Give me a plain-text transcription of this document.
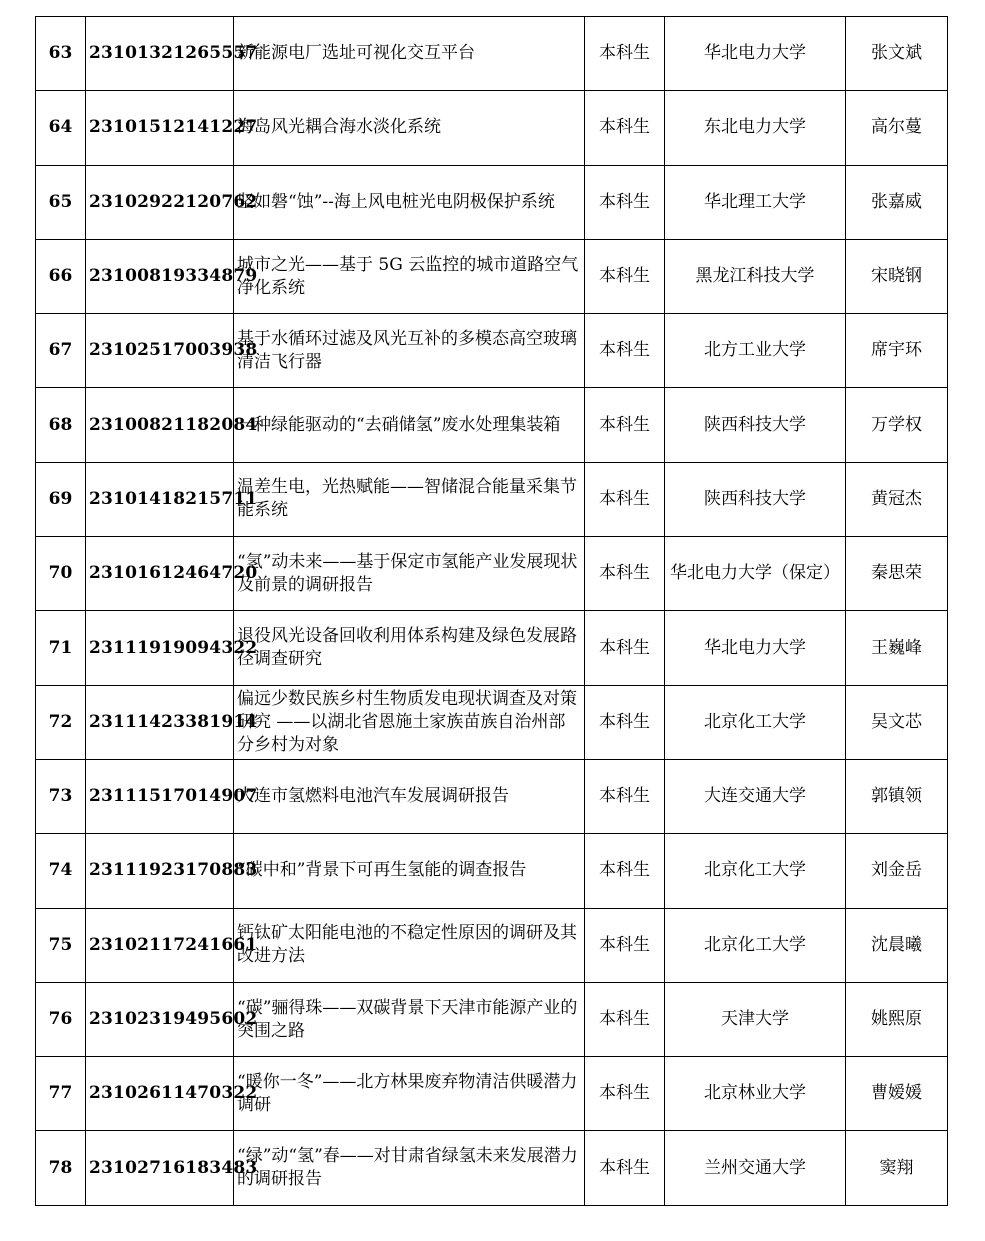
63	23101321265557	新能源电厂选址可视化交互平台	本科生	华北电力大学	张文斌
64	23101512141227	海岛风光耦合海水淡化系统	本科生	东北电力大学	高尔蔓
65	23102922120762	坚如磐“蚀”--海上风电桩光电阴极保护系统	本科生	华北理工大学	张嘉威
66	23100819334879	城市之光——基于 5G 云监控的城市道路空气净化系统	本科生	黑龙江科技大学	宋晓钢
67	23102517003938	基于水循环过滤及风光互补的多模态高空玻璃清洁飞行器	本科生	北方工业大学	席宇环
68	23100821182084	一种绿能驱动的“去硝储氢”废水处理集装箱	本科生	陕西科技大学	万学权
69	23101418215711	温差生电，光热赋能——智储混合能量采集节能系统	本科生	陕西科技大学	黄冠杰
70	23101612464720	“氢”动未来——基于保定市氢能产业发展现状及前景的调研报告	本科生	华北电力大学（保定）	秦思荣
71	23111919094322	退役风光设备回收利用体系构建及绿色发展路径调查研究	本科生	华北电力大学	王巍峰
72	23111423381914	偏远少数民族乡村生物质发电现状调查及对策研究 ——以湖北省恩施土家族苗族自治州部分乡村为对象	本科生	北京化工大学	吴文芯
73	23111517014907	大连市氢燃料电池汽车发展调研报告	本科生	大连交通大学	郭镇领
74	23111923170883	“碳中和”背景下可再生氢能的调查报告	本科生	北京化工大学	刘金岳
75	23102117241661	钙钛矿太阳能电池的不稳定性原因的调研及其改进方法	本科生	北京化工大学	沈晨曦
76	23102319495602	“碳”骊得珠——双碳背景下天津市能源产业的突围之路	本科生	天津大学	姚熙原
77	23102611470322	“暖你一冬”——北方林果废弃物清洁供暖潜力调研	本科生	北京林业大学	曹嫒媛
78	23102716183483	“绿”动“氢”春——对甘肃省绿氢未来发展潜力的调研报告	本科生	兰州交通大学	窦翔
